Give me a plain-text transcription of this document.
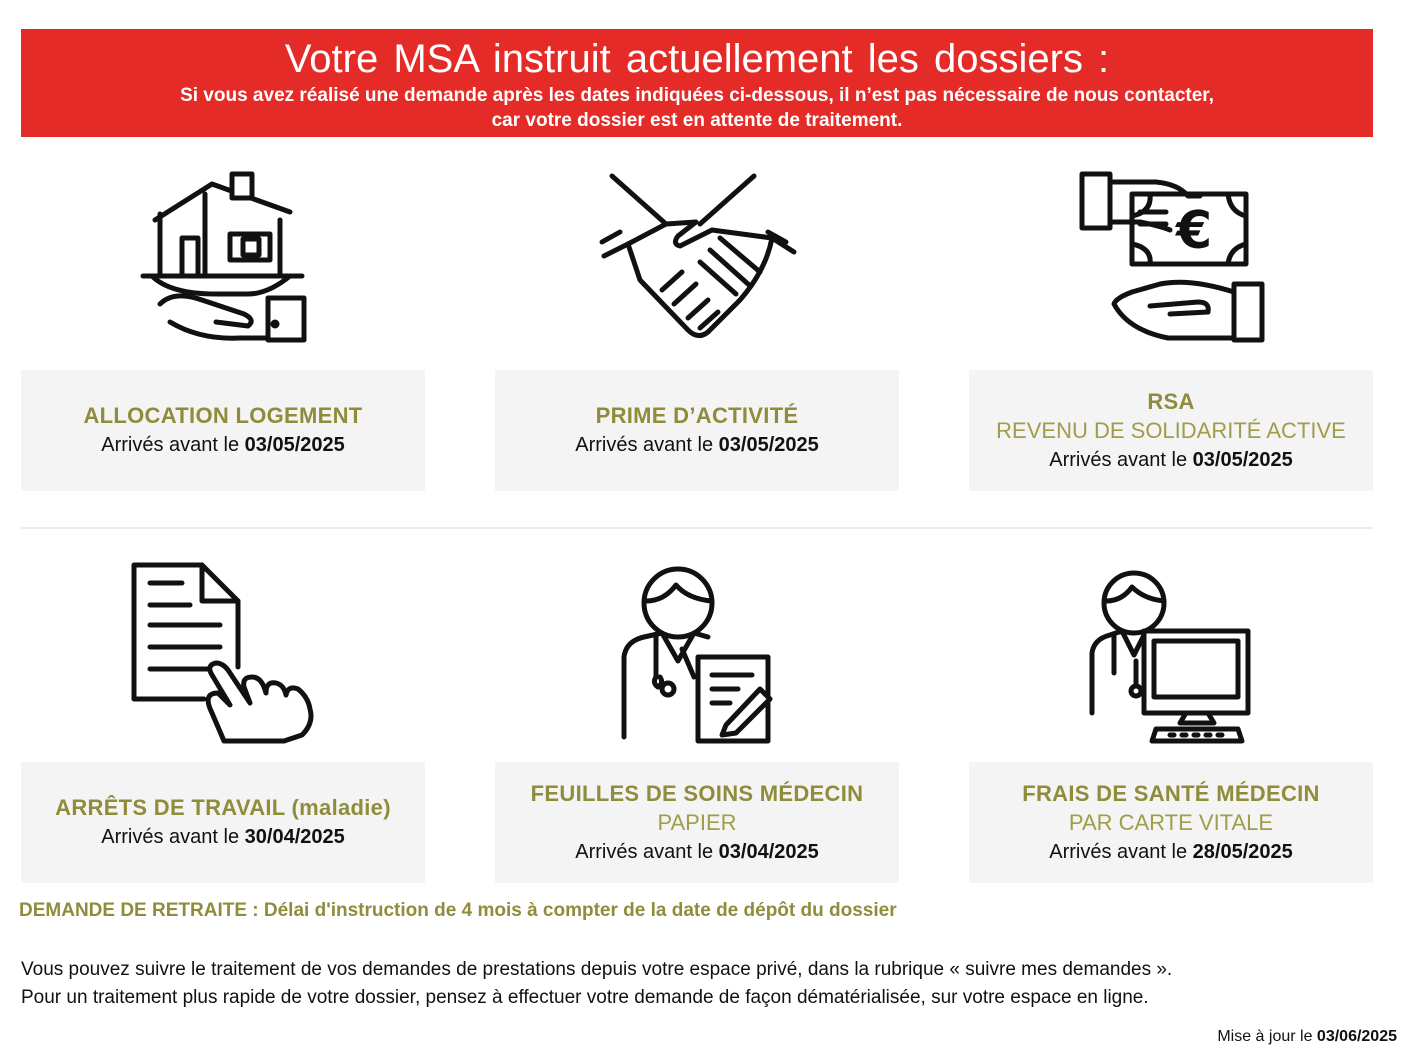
Votre MSA instruit actuellement les dossiers :
Si vous avez réalisé une demande après les dates indiquées ci-dessous, il n’est pas nécessaire de nous contacter,
car votre dossier est en attente de traitement.
€
ALLOCATION LOGEMENT
Arrivés avant le 03/05/2025
PRIME D’ACTIVITÉ
Arrivés avant le 03/05/2025
RSA
REVENU DE SOLIDARITÉ ACTIVE
Arrivés avant le 03/05/2025
ARRÊTS DE TRAVAIL (maladie)
Arrivés avant le 30/04/2025
FEUILLES DE SOINS MÉDECIN
PAPIER
Arrivés avant le 03/04/2025
FRAIS DE SANTÉ MÉDECIN
PAR CARTE VITALE
Arrivés avant le 28/05/2025
DEMANDE DE RETRAITE : Délai d'instruction de 4 mois à compter de la date de dépôt du dossier
Vous pouvez suivre le traitement de vos demandes de prestations depuis votre espace privé, dans la rubrique « suivre mes demandes ».
Pour un traitement plus rapide de votre dossier, pensez à effectuer votre demande de façon dématérialisée, sur votre espace en ligne.
Mise à jour le 03/06/2025
